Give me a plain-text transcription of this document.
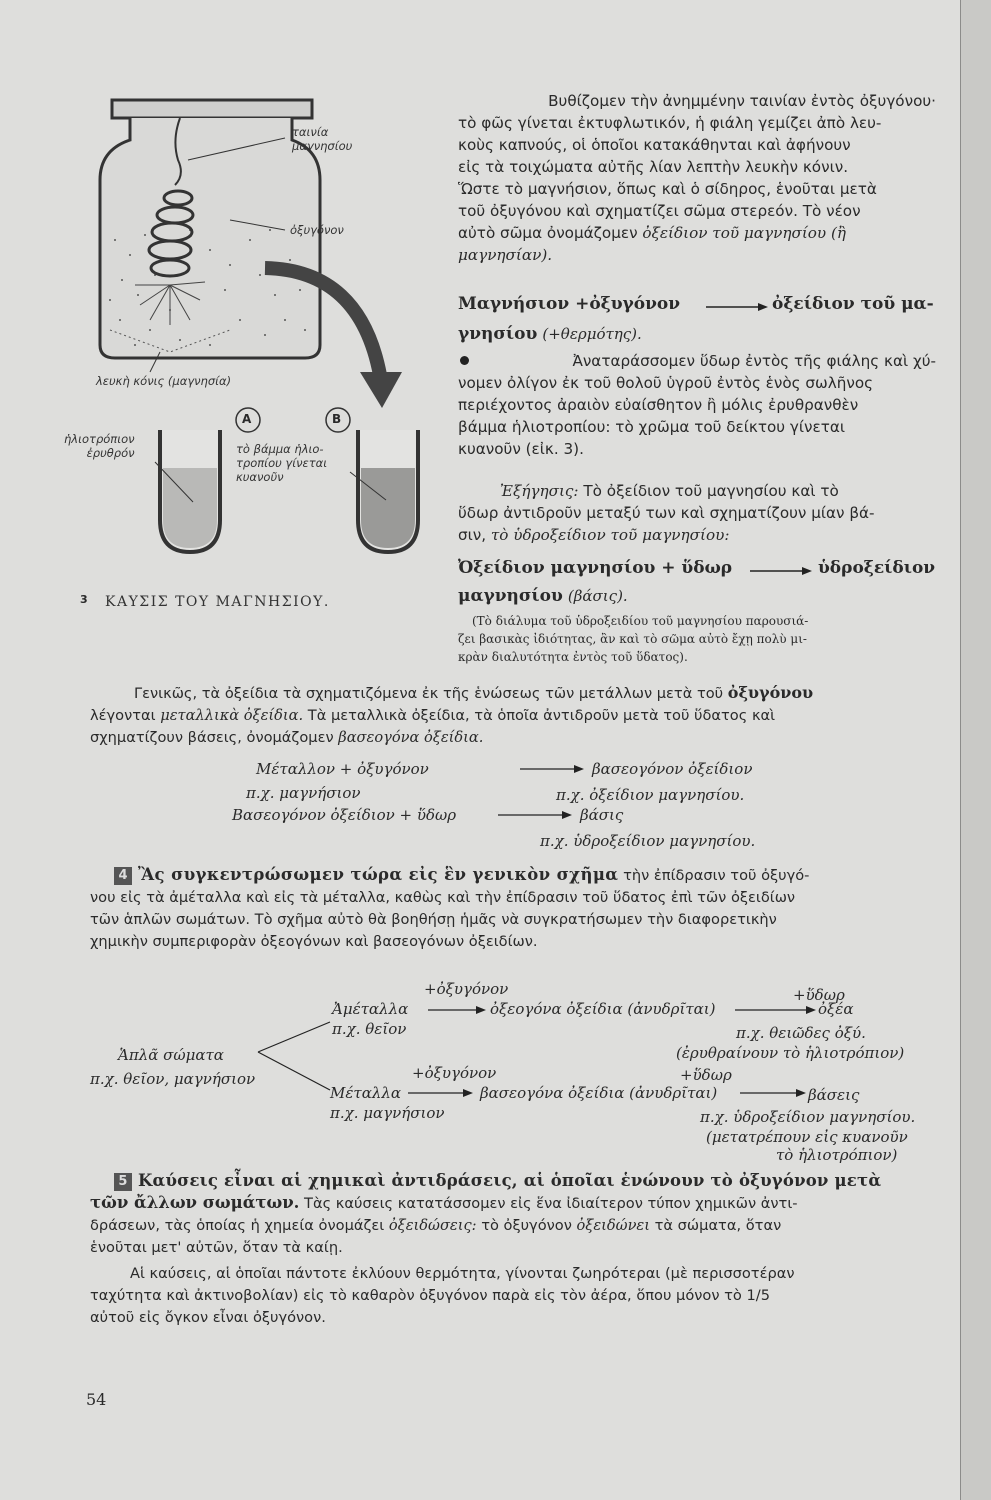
A	B
ταινία
μαγνησίου
ὀξυγόνον
λευκὴ κόνις (μαγνησία)
ἡλιοτρόπιον
ἐρυθρόν	τὸ βάμμα ἡλιο-
τροπίου γίνεται
κυανοῦν
3 ΚΑΥΣΙΣ ΤΟΥ ΜΑΓΝΗΣΙΟΥ.
Βυθίζομεν τὴν ἀνημμένην ταινίαν ἐντὸς ὀξυγόνου·
τὸ φῶς γίνεται ἐκτυφλωτικόν, ἡ φιάλη γεμίζει ἀπὸ λευ-
κοὺς καπνούς, οἱ ὁποῖοι κατακάθηνται καὶ ἀφήνουν
εἰς τὰ τοιχώματα αὐτῆς λίαν λεπτὴν λευκὴν κόνιν.
Ὥστε τὸ μαγνήσιον, ὅπως καὶ ὁ σίδηρος, ἑνοῦται μετὰ
τοῦ ὀξυγόνου καὶ σχηματίζει σῶμα στερεόν. Τὸ νέον
αὐτὸ σῶμα ὀνομάζομεν ὀξείδιον τοῦ μαγνησίου (ἢ
μαγνησίαν).
Μαγνήσιον +ὀξυγόνον	ὀξείδιον τοῦ μα-
γνησίου (+θερμότης).
Ἀναταράσσομεν ὕδωρ ἐντὸς τῆς φιάλης καὶ χύ-
νομεν ὀλίγον ἐκ τοῦ θολοῦ ὑγροῦ ἐντὸς ἑνὸς σωλῆνος
περιέχοντος ἀραιὸν εὐαίσθητον ἢ μόλις ἐρυθρανθὲν
βάμμα ἡλιοτροπίου: τὸ χρῶμα τοῦ δείκτου γίνεται
κυανοῦν (εἰκ. 3).
Ἐξήγησις: Τὸ ὀξείδιον τοῦ μαγνησίου καὶ τὸ
ὕδωρ ἀντιδροῦν μεταξύ των καὶ σχηματίζουν μίαν βά-
σιν, τὸ ὑδροξείδιον τοῦ μαγνησίου:
Ὀξείδιον μαγνησίου + ὕδωρ	ὑδροξείδιον
μαγνησίου (βάσις).
(Τὸ διάλυμα τοῦ ὑδροξειδίου τοῦ μαγνησίου παρουσιά-
ζει βασικὰς ἰδιότητας, ἂν καὶ τὸ σῶμα αὐτὸ ἔχῃ πολὺ μι-
κρὰν διαλυτότητα ἐντὸς τοῦ ὕδατος).
Γενικῶς, τὰ ὀξείδια τὰ σχηματιζόμενα ἐκ τῆς ἑνώσεως τῶν μετάλλων μετὰ τοῦ ὀξυγόνου
λέγονται μεταλλικὰ ὀξείδια. Τὰ μεταλλικὰ ὀξείδια, τὰ ὁποῖα ἀντιδροῦν μετὰ τοῦ ὕδατος καὶ
σχηματίζουν βάσεις, ὀνομάζομεν βασεογόνα ὀξείδια.
Μέταλλον + ὀξυγόνον	βασεογόνον ὀξείδιον
π.χ. μαγνήσιον	π.χ. ὀξείδιον μαγνησίου.
Βασεογόνον ὀξείδιον + ὕδωρ	βάσις
π.χ. ὑδροξείδιον μαγνησίου.
4 Ἂς συγκεντρώσωμεν τώρα εἰς ἓν γενικὸν σχῆμα τὴν ἐπίδρασιν τοῦ ὀξυγό-
νου εἰς τὰ ἀμέταλλα καὶ εἰς τὰ μέταλλα, καθὼς καὶ τὴν ἐπίδρασιν τοῦ ὕδατος ἐπὶ τῶν ὀξειδίων
τῶν ἁπλῶν σωμάτων. Τὸ σχῆμα αὐτὸ θὰ βοηθήσῃ ἡμᾶς νὰ συγκρατήσωμεν τὴν διαφορετικὴν
χημικὴν συμπεριφορὰν ὀξεογόνων καὶ βασεογόνων ὀξειδίων.
Ἁπλᾶ σώματα
π.χ. θεῖον, μαγνήσιον
+ὀξυγόνον	+ὕδωρ
Ἀμέταλλα
π.χ. θεῖον
ὀξεογόνα ὀξείδια (ἀνυδρῖται)	ὀξέα
π.χ. θειῶδες ὀξύ.
(ἐρυθραίνουν τὸ ἡλιοτρόπιον)
+ὀξυγόνον	+ὕδωρ
Μέταλλα
π.χ. μαγνήσιον
βασεογόνα ὀξείδια (ἀνυδρῖται)	βάσεις
π.χ. ὑδροξείδιον μαγνησίου.
(μετατρέπουν εἰς κυανοῦν
τὸ ἡλιοτρόπιον)
5 Καύσεις εἶναι αἱ χημικαὶ ἀντιδράσεις, αἱ ὁποῖαι ἑνώνουν τὸ ὀξυγόνον μετὰ
τῶν ἄλλων σωμάτων. Τὰς καύσεις κατατάσσομεν εἰς ἕνα ἰδιαίτερον τύπον χημικῶν ἀντι-
δράσεων, τὰς ὁποίας ἡ χημεία ὀνομάζει ὀξειδώσεις: τὸ ὀξυγόνον ὀξειδώνει τὰ σώματα, ὅταν
ἑνοῦται μετ' αὐτῶν, ὅταν τὰ καίῃ.
Αἱ καύσεις, αἱ ὁποῖαι πάντοτε ἐκλύουν θερμότητα, γίνονται ζωηρότεραι (μὲ περισσοτέραν
ταχύτητα καὶ ἀκτινοβολίαν) εἰς τὸ καθαρὸν ὀξυγόνον παρὰ εἰς τὸν ἀέρα, ὅπου μόνον τὸ 1/5
αὐτοῦ εἰς ὄγκον εἶναι ὀξυγόνον.
54
